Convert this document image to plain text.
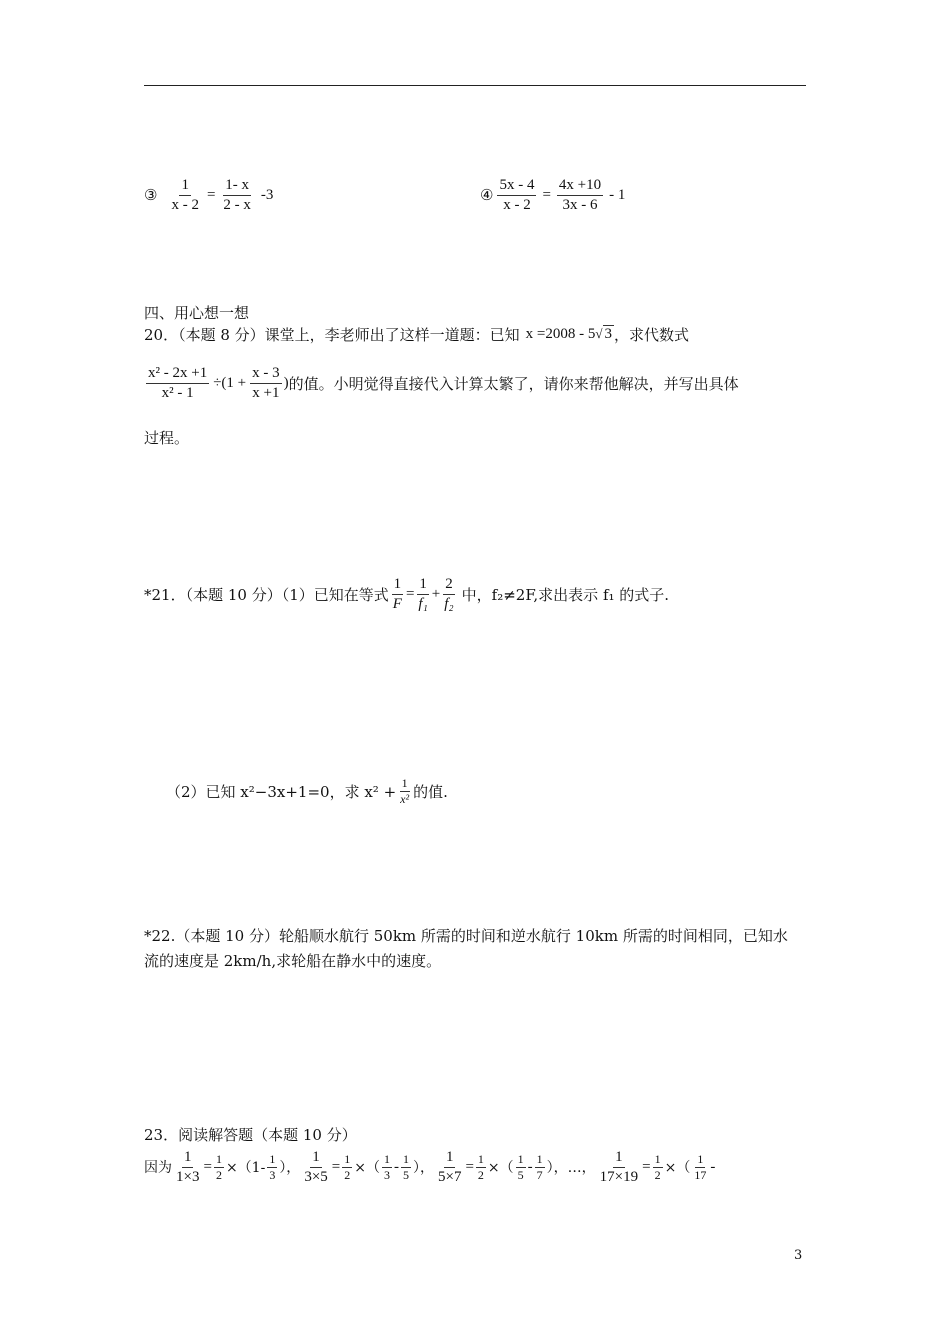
③ $\frac{1}{x - 2} = \frac{1- x}{2 - x} -3$	④ $\frac{5x - 4}{x - 2} = \frac{4x +10}{3x - 6} - 1$
四、用心想一想
20．（本题 8 分）课堂上，李老师出了这样一道题：已知 x =2008 - 5√ 3 ，求代数式
$\frac{\text{x² - 2x +1}}{\text{x² - 1}} \div(1 + \frac{x - 3}{x +1}$ ) 的值。小明觉得直接代入计算太繁了，请你来帮他解决，并写出具体
过程。
*21．（本题 10 分）（1）已知在等式 $\frac{1}{F} = \frac{1}{\text{f₁}} + \frac{2}{\text{f₂}}$ 中，f₂≠2F,求出表示 f₁ 的式子.
（2）已知 x²−3x+1=0，求 $x^2 + \frac{1}{\text{x²}}$ 的值.
*22.（本题 10 分）轮船顺水航行 50km 所需的时间和逆水航行 10km 所需的时间相同，已知水
流的速度是 2km/h,求轮船在静水中的速度。
23．阅读解答题（本题 10 分）
因为 $\frac{1}{1\times 3} = \frac{1}{2} \times(1- \frac{1}{3}$ ）， $\frac{1}{3\times 5} = \frac{1}{2}$ ×（ $\frac{1}{3} - \frac{1}{5}$ ）， $\frac{1}{5\times 7} = \frac{1}{2}$ ×（ $\frac{1}{5} - \frac{1}{7}$ ），…， $\frac{1}{17\times 19} = \frac{1}{2}$ ×（ $\frac{1}{17}$ -
3
